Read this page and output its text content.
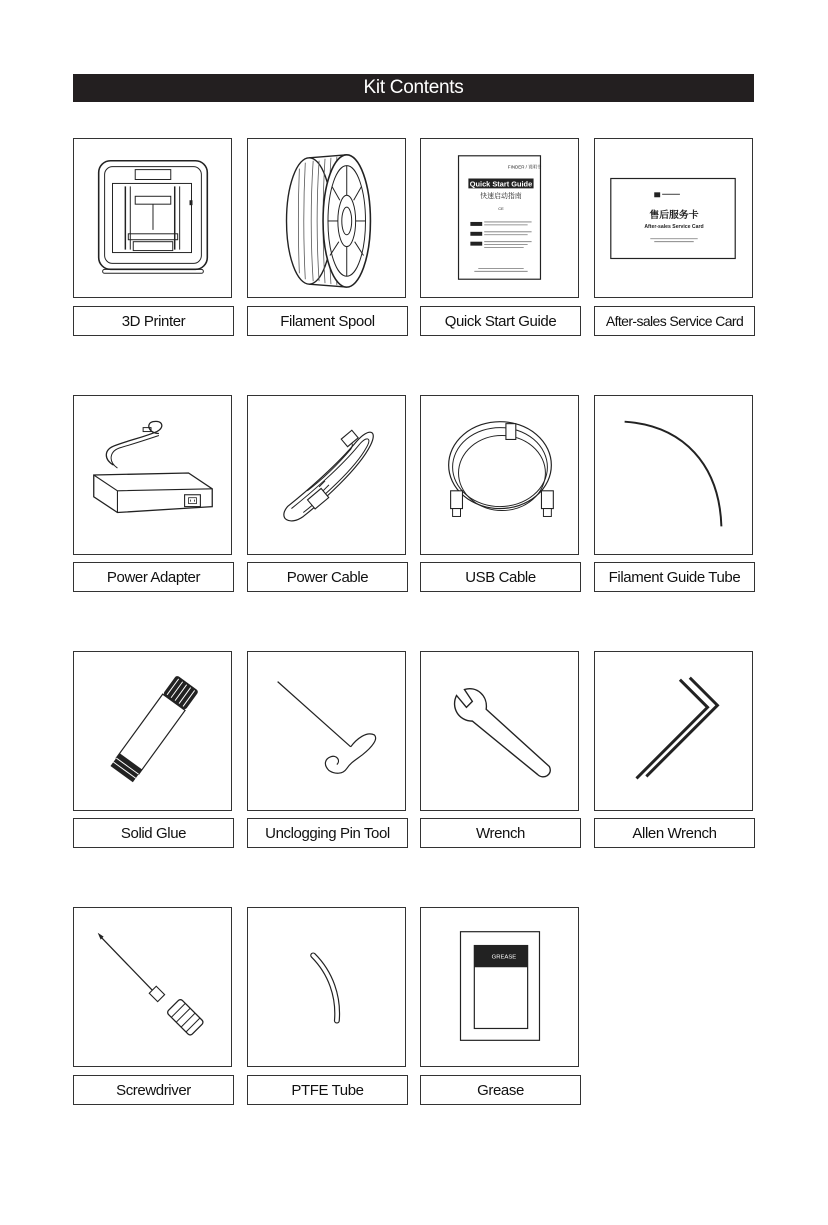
Kit Contents
FINDER / 说明书
Quick Start Guide
快速启动指南
CE
售后服务卡
After-sales Service Card
3D Printer	Filament Spool	Quick Start Guide	After-sales Service Card
Power Adapter	Power Cable	USB Cable	Filament Guide Tube
Solid Glue	Unclogging Pin Tool	Wrench	Allen Wrench
GREASE
Screwdriver	PTFE Tube	Grease
